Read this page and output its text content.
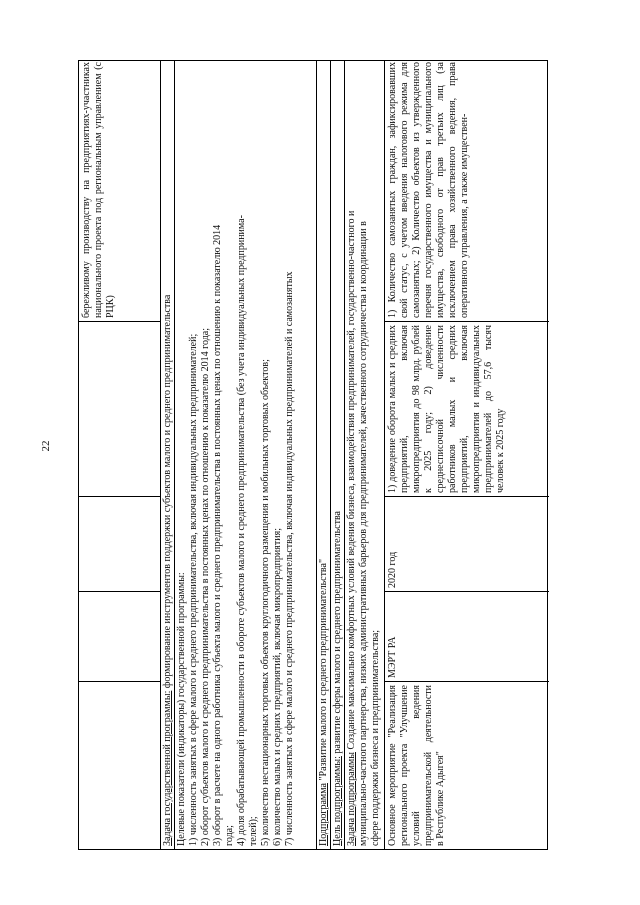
22
бережливому производству на предприятиях-участниках национального проекта под региональным управлением (с РЦК)
Задача государственной программы: формирование инструментов поддержки субъектов малого и среднего предпринимательства
Целевые показатели (индикаторы) государственной программы: 1) численность занятых в сфере малого и среднего предпринимательства, включая индивидуальных предпринимателей; 2) оборот субъектов малого и среднего предпринимательства в постоянных ценах по отношению к показателю 2014 года; 3) оборот в расчете на одного работника субъекта малого и среднего предпринимательства в постоянных ценах по отношению к показателю 2014 года; 4) доля обрабатывающей промышленности в обороте субъектов малого и среднего предпринимательства (без учета индивидуальных предпринима- телей); 5) количество нестационарных торговых объектов круглогодичного размещения и мобильных торговых объектов; 6) количество малых и средних предприятий, включая микропредприятия; 7) численность занятых в сфере малого и среднего предпринимательства, включая индивидуальных предпринимателей и самозанятых Подпрограмма "Развитие малого и среднего предпринимательства"
Цель подпрограммы: развитие сферы малого и среднего предпринимательства
Задача подпрограммы Создание максимально комфортных условий ведения бизнеса, взаимодействия предпринимателей, государственно-частного и муниципально-частного партнерства, низких административных барьеров для предпринимателей, качественного сотрудничества и координации в сфере поддержки бизнеса и предпринимательства; Основное мероприятие "Реализация регионального проекта "Улучшение условий ведения предпринимательской деятельности в Республике Адыгея"
МЭРТ РА
2020 год
1) доведение оборота малых и средних предприятий, включая микропредприятия до 98 млрд. рублей к 2025 году; 2) доведение среднесписочной численности работников малых и средних предприятий, включая микропредприятия и индивидуальных предпринимателей до 57,6 тысяч человек к 2025 году
1) Количество самозанятых граждан, зафиксировавших свой статус, с учетом введения налогового режима для самозанятых; 2) Количество объектов из утвержденного перечня государственного имущества и муниципального имущества, свободного от прав третьих лиц (за исключением права хозяйственного ведения, права оперативного управления, а также имуществен-
